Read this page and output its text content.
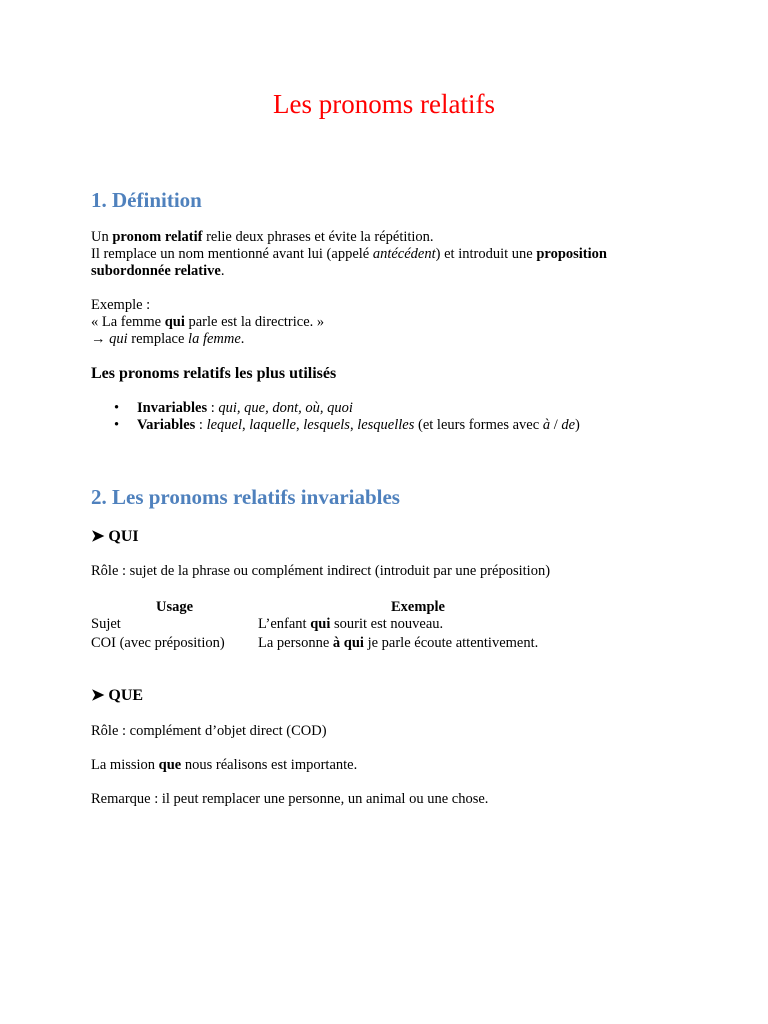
Les pronoms relatifs
1. Définition
Un pronom relatif relie deux phrases et évite la répétition.
Il remplace un nom mentionné avant lui (appelé antécédent) et introduit une proposition
subordonnée relative.
Exemple :
« La femme qui parle est la directrice. »
→ qui remplace la femme.
Les pronoms relatifs les plus utilisés
• Invariables : qui, que, dont, où, quoi
• Variables : lequel, laquelle, lesquels, lesquelles (et leurs formes avec à / de)
2. Les pronoms relatifs invariables
➤ QUI
Rôle : sujet de la phrase ou complément indirect (introduit par une préposition)
Usage	Exemple
Sujet	L’enfant qui sourit est nouveau.
COI (avec préposition)	La personne à qui je parle écoute attentivement.
➤ QUE
Rôle : complément d’objet direct (COD)
La mission que nous réalisons est importante.
Remarque : il peut remplacer une personne, un animal ou une chose.
